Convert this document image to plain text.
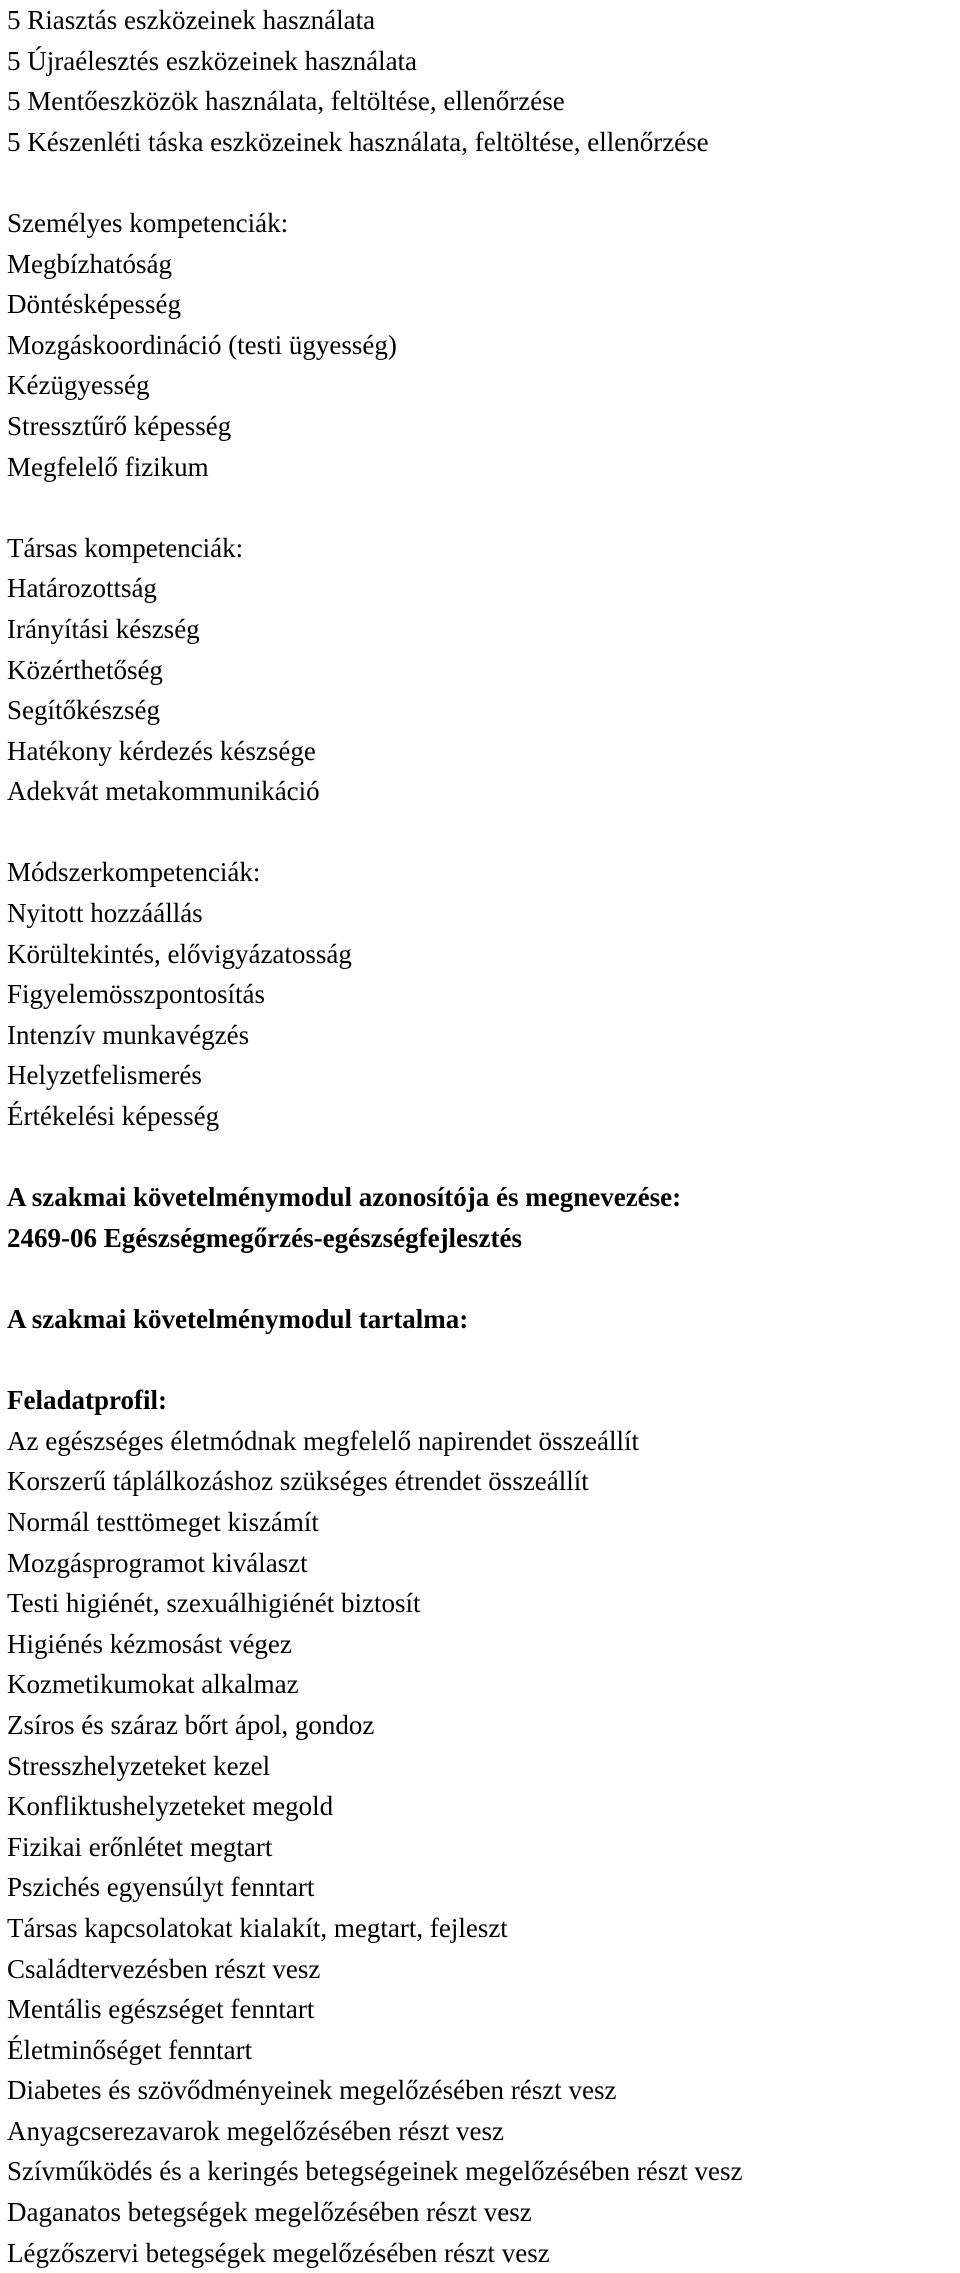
5 Riasztás eszközeinek használata
5 Újraélesztés eszközeinek használata
5 Mentőeszközök használata, feltöltése, ellenőrzése
5 Készenléti táska eszközeinek használata, feltöltése, ellenőrzése
Személyes kompetenciák:
Megbízhatóság
Döntésképesség
Mozgáskoordináció (testi ügyesség)
Kézügyesség
Stressztűrő képesség
Megfelelő fizikum
Társas kompetenciák:
Határozottság
Irányítási készség
Közérthetőség
Segítőkészség
Hatékony kérdezés készsége
Adekvát metakommunikáció
Módszerkompetenciák:
Nyitott hozzáállás
Körültekintés, elővigyázatosság
Figyelemösszpontosítás
Intenzív munkavégzés
Helyzetfelismerés
Értékelési képesség
A szakmai követelménymodul azonosítója és megnevezése:
2469-06 Egészségmegőrzés-egészségfejlesztés
A szakmai követelménymodul tartalma:
Feladatprofil:
Az egészséges életmódnak megfelelő napirendet összeállít
Korszerű táplálkozáshoz szükséges étrendet összeállít
Normál testtömeget kiszámít
Mozgásprogramot kiválaszt
Testi higiénét, szexuálhigiénét biztosít
Higiénés kézmosást végez
Kozmetikumokat alkalmaz
Zsíros és száraz bőrt ápol, gondoz
Stresszhelyzeteket kezel
Konfliktushelyzeteket megold
Fizikai erőnlétet megtart
Pszichés egyensúlyt fenntart
Társas kapcsolatokat kialakít, megtart, fejleszt
Családtervezésben részt vesz
Mentális egészséget fenntart
Életminőséget fenntart
Diabetes és szövődményeinek megelőzésében részt vesz
Anyagcserezavarok megelőzésében részt vesz
Szívműködés és a keringés betegségeinek megelőzésében részt vesz
Daganatos betegségek megelőzésében részt vesz
Légzőszervi betegségek megelőzésében részt vesz
